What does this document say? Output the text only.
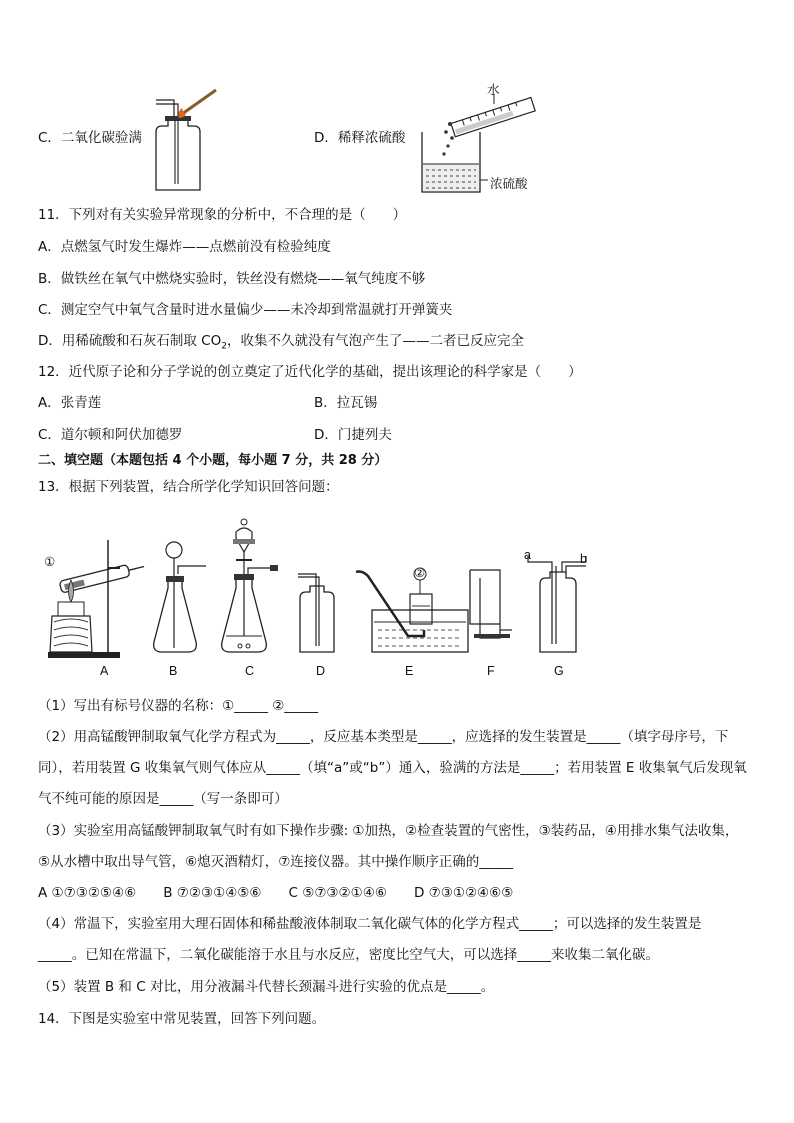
C．二氧化碳验满	D．稀释浓硫酸
水
浓硫酸
11．下列对有关实验异常现象的分析中，不合理的是（　　）
A．点燃氢气时发生爆炸——点燃前没有检验纯度
B．做铁丝在氧气中燃烧实验时，铁丝没有燃烧——氧气纯度不够
C．测定空气中氧气含量时进水量偏少——未冷却到常温就打开弹簧夹
D．用稀硫酸和石灰石制取 $CO_2$，收集不久就没有气泡产生了——二者已反应完全
12．近代原子论和分子学说的创立奠定了近代化学的基础，提出该理论的科学家是（　　）
A．张青莲	B．拉瓦锡
C．道尔顿和阿伏加德罗	D．门捷列夫
二、填空题（本题包括 4 个小题，每小题 7 分，共 28 分）
13．根据下列装置，结合所学化学知识回答问题：
①
②
a	b
A	B	C	D	E	F	G
（1）写出有标号仪器的名称：①_____ ②_____
（2）用高锰酸钾制取氧气化学方程式为_____，反应基本类型是_____，应选择的发生装置是_____（填字母序号，下
同），若用装置 G 收集氧气则气体应从_____（填“a”或“b”）通入，验满的方法是_____；若用装置 E 收集氧气后发现氧
气不纯可能的原因是_____（写一条即可）
（3）实验室用高锰酸钾制取氧气时有如下操作步骤: ①加热，②检查装置的气密性，③装药品，④用排水集气法收集，
⑤从水槽中取出导气管，⑥熄灭酒精灯，⑦连接仪器。其中操作顺序正确的_____
A ①⑦③②⑤④⑥　　B ⑦②③①④⑤⑥　　C ⑤⑦③②①④⑥　　D ⑦③①②④⑥⑤
（4）常温下，实验室用大理石固体和稀盐酸液体制取二氧化碳气体的化学方程式_____；可以选择的发生装置是
_____。已知在常温下，二氧化碳能溶于水且与水反应，密度比空气大，可以选择_____来收集二氧化碳。
（5）装置 B 和 C 对比，用分液漏斗代替长颈漏斗进行实验的优点是_____。
14．下图是实验室中常见装置，回答下列问题。
